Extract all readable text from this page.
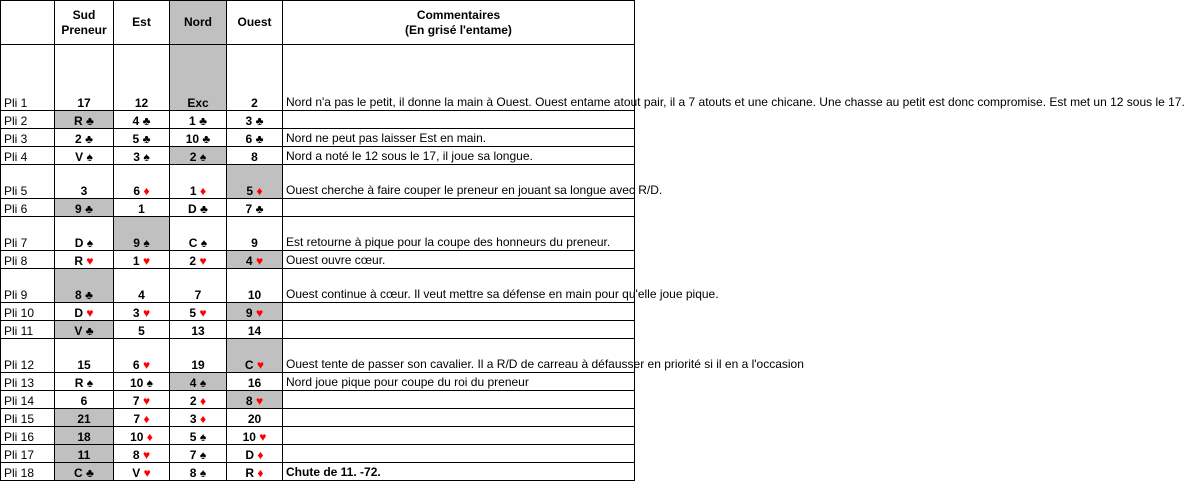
	Sud
Preneur	Est	Nord	Ouest	Commentaires
(En grisé l'entame)
Pli 1	17	12	Exc	2	Nord n'a pas le petit, il donne la main à Ouest. Ouest entame atout pair, il a 7 atouts et une chicane. Une chasse au petit est donc compromise. Est met un 12 sous le 17.
Pli 2	R ♣	4 ♣	1 ♣	3 ♣	
Pli 3	2 ♣	5 ♣	10 ♣	6 ♣	Nord ne peut pas laisser Est en main.
Pli 4	V ♠	3 ♠	2 ♠	8	Nord a noté le 12 sous le 17, il joue sa longue.
Pli 5	3	6 ♦	1 ♦	5 ♦	Ouest cherche à faire couper le preneur en jouant sa longue avec R/D.
Pli 6	9 ♣	1	D ♣	7 ♣	
Pli 7	D ♠	9 ♠	C ♠	9	Est retourne à pique pour la coupe des honneurs du preneur.
Pli 8	R ♥	1 ♥	2 ♥	4 ♥	Ouest ouvre cœur.
Pli 9	8 ♣	4	7	10	Ouest continue à cœur. Il veut mettre sa défense en main pour qu'elle joue pique.
Pli 10	D ♥	3 ♥	5 ♥	9 ♥	
Pli 11	V ♣	5	13	14	
Pli 12	15	6 ♥	19	C ♥	Ouest tente de passer son cavalier. Il a R/D de carreau à défausser en priorité si il en a l'occasion
Pli 13	R ♠	10 ♠	4 ♠	16	Nord joue pique pour coupe du roi du preneur
Pli 14	6	7 ♥	2 ♦	8 ♥	
Pli 15	21	7 ♦	3 ♦	20	
Pli 16	18	10 ♦	5 ♠	10 ♥	
Pli 17	11	8 ♥	7 ♠	D ♦	
Pli 18	C ♣	V ♥	8 ♠	R ♦	Chute de 11. -72.
